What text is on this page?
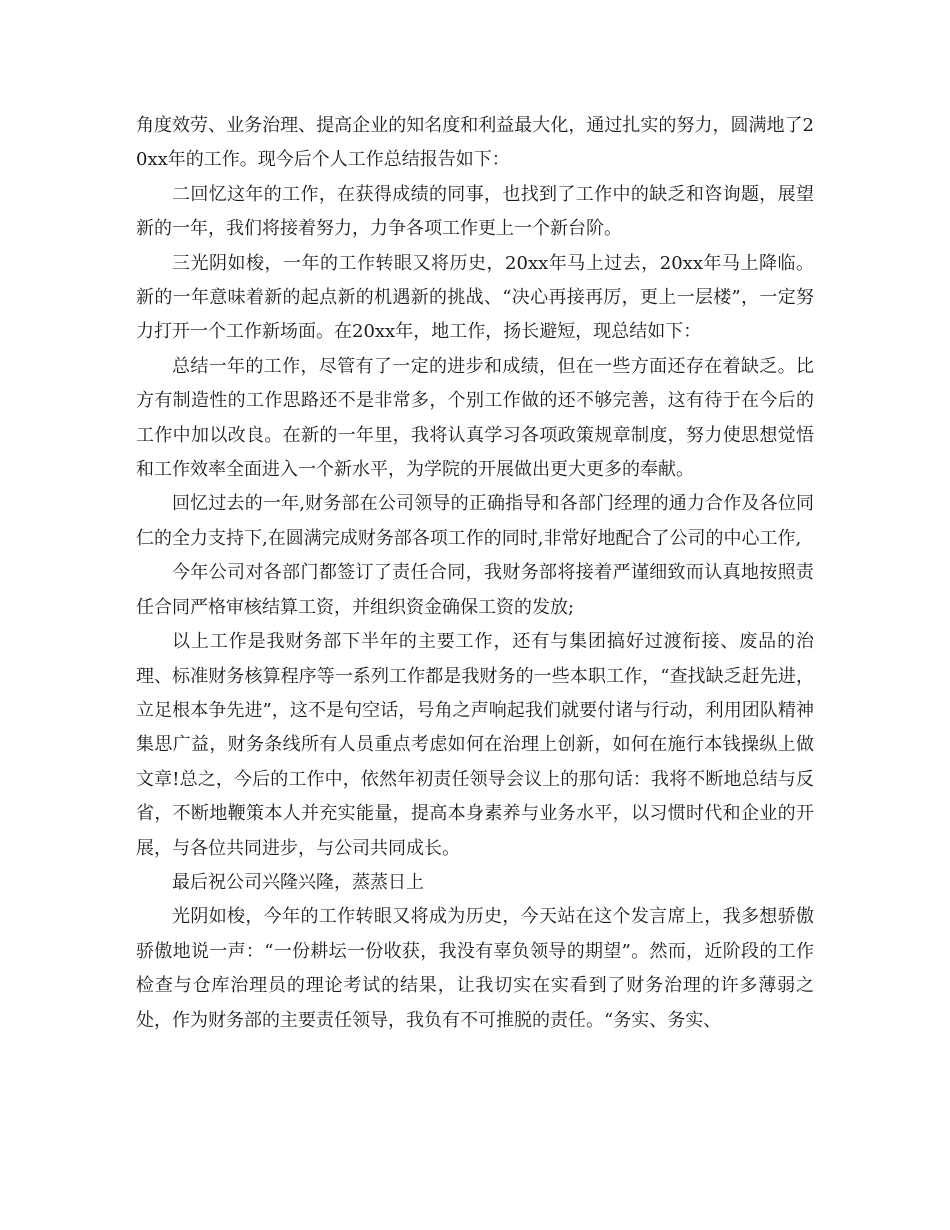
角度效劳、业务治理、提高企业的知名度和利益最大化，通过扎实的努力，圆满地了20xx年的工作。现今后个人工作总结报告如下：

二回忆这年的工作，在获得成绩的同事，也找到了工作中的缺乏和咨询题，展望新的一年，我们将接着努力，力争各项工作更上一个新台阶。

三光阴如梭，一年的工作转眼又将历史，20xx年马上过去，20xx年马上降临。新的一年意味着新的起点新的机遇新的挑战、“决心再接再厉，更上一层楼”，一定努力打开一个工作新场面。在20xx年，地工作，扬长避短，现总结如下：

总结一年的工作，尽管有了一定的进步和成绩，但在一些方面还存在着缺乏。比方有制造性的工作思路还不是非常多，个别工作做的还不够完善，这有待于在今后的工作中加以改良。在新的一年里，我将认真学习各项政策规章制度，努力使思想觉悟和工作效率全面进入一个新水平，为学院的开展做出更大更多的奉献。

回忆过去的一年,财务部在公司领导的正确指导和各部门经理的通力合作及各位同仁的全力支持下,在圆满完成财务部各项工作的同时,非常好地配合了公司的中心工作,

今年公司对各部门都签订了责任合同，我财务部将接着严谨细致而认真地按照责任合同严格审核结算工资，并组织资金确保工资的发放;

以上工作是我财务部下半年的主要工作，还有与集团搞好过渡衔接、废品的治理、标准财务核算程序等一系列工作都是我财务的一些本职工作，“查找缺乏赶先进，立足根本争先进”，这不是句空话，号角之声响起我们就要付诸与行动，利用团队精神集思广益，财务条线所有人员重点考虑如何在治理上创新，如何在施行本钱操纵上做文章!总之，今后的工作中，依然年初责任领导会议上的那句话：我将不断地总结与反省，不断地鞭策本人并充实能量，提高本身素养与业务水平，以习惯时代和企业的开展，与各位共同进步，与公司共同成长。

最后祝公司兴隆兴隆，蒸蒸日上

光阴如梭，今年的工作转眼又将成为历史，今天站在这个发言席上，我多想骄傲骄傲地说一声：“一份耕坛一份收获，我没有辜负领导的期望”。然而，近阶段的工作检查与仓库治理员的理论考试的结果，让我切实在实看到了财务治理的许多薄弱之处，作为财务部的主要责任领导，我负有不可推脱的责任。“务实、务实、
